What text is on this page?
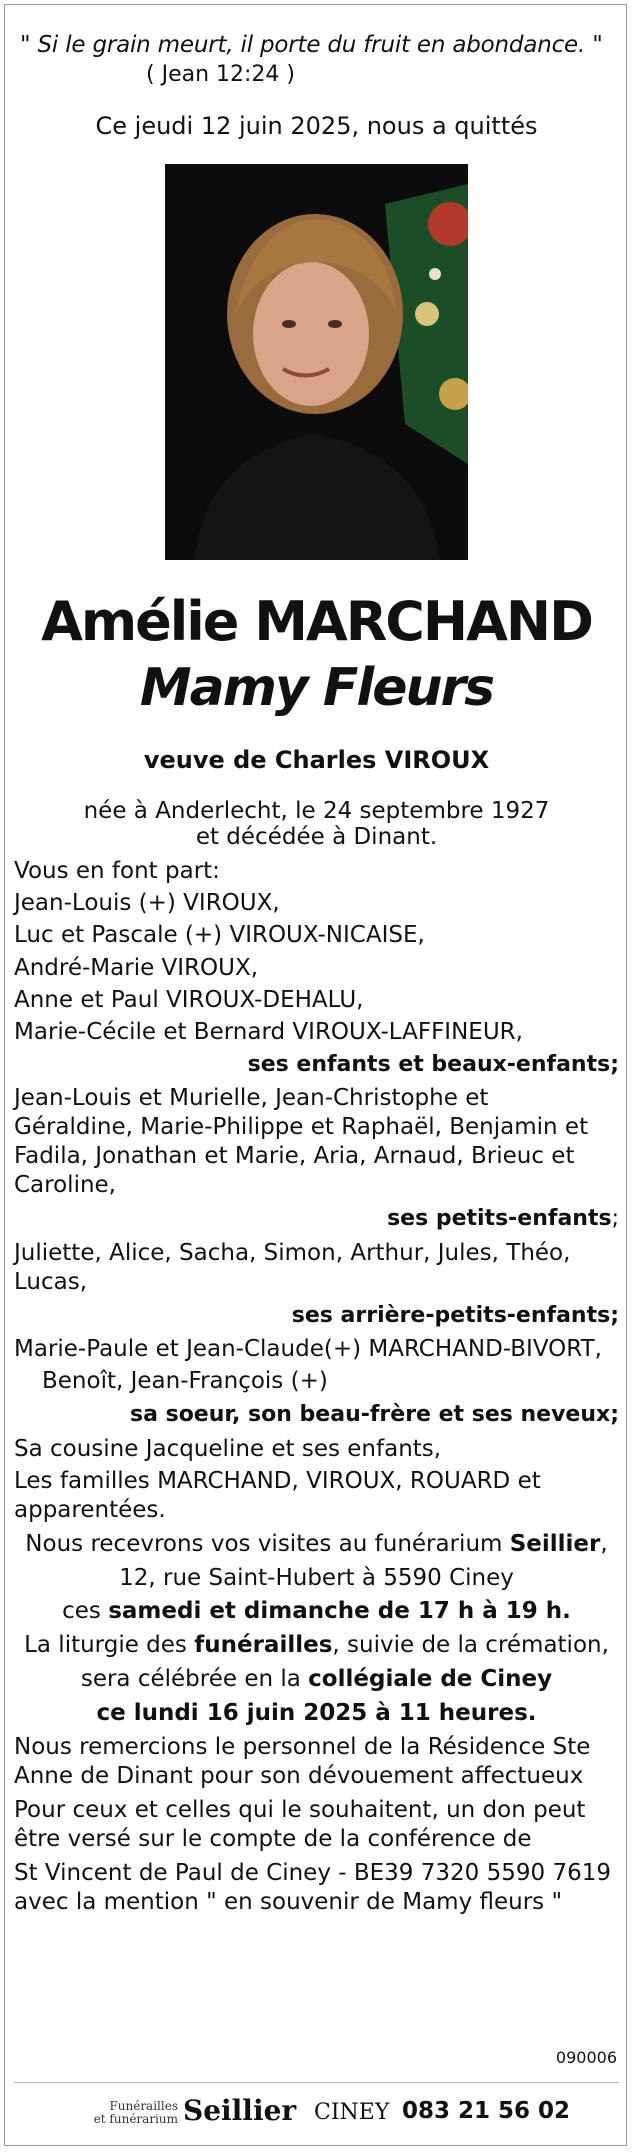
" Si le grain meurt, il porte du fruit en abondance. "
( Jean 12:24 )
Ce jeudi 12 juin 2025, nous a quittés
Amélie MARCHAND
Mamy Fleurs
veuve de Charles VIROUX
née à Anderlecht, le 24 septembre 1927
et décédée à Dinant.
Vous en font part:
Jean-Louis (+) VIROUX,
Luc et Pascale (+) VIROUX-NICAISE,
André-Marie VIROUX,
Anne et Paul VIROUX-DEHALU,
Marie-Cécile et Bernard VIROUX-LAFFINEUR,
ses enfants et beaux-enfants;
Jean-Louis et Murielle, Jean-Christophe et
Géraldine, Marie-Philippe et Raphaël, Benjamin et
Fadila, Jonathan et Marie, Aria, Arnaud, Brieuc et
Caroline,
ses petits-enfants;
Juliette, Alice, Sacha, Simon, Arthur, Jules, Théo,
Lucas,
ses arrière-petits-enfants;
Marie-Paule et Jean-Claude(+) MARCHAND-BIVORT,
Benoît, Jean-François (+)
sa soeur, son beau-frère et ses neveux;
Sa cousine Jacqueline et ses enfants,
Les familles MARCHAND, VIROUX, ROUARD et
apparentées.
Nous recevrons vos visites au funérarium Seillier,
12, rue Saint-Hubert à 5590 Ciney
ces samedi et dimanche de 17 h à 19 h.
La liturgie des funérailles, suivie de la crémation,
sera célébrée en la collégiale de Ciney
ce lundi 16 juin 2025 à 11 heures.
Nous remercions le personnel de la Résidence Ste
Anne de Dinant pour son dévouement affectueux
Pour ceux et celles qui le souhaitent, un don peut
être versé sur le compte de la conférence de
St Vincent de Paul de Ciney - BE39 7320 5590 7619
avec la mention " en souvenir de Mamy fleurs "
090006
Funérailles
et funérarium Seillier CINEY 083 21 56 02
